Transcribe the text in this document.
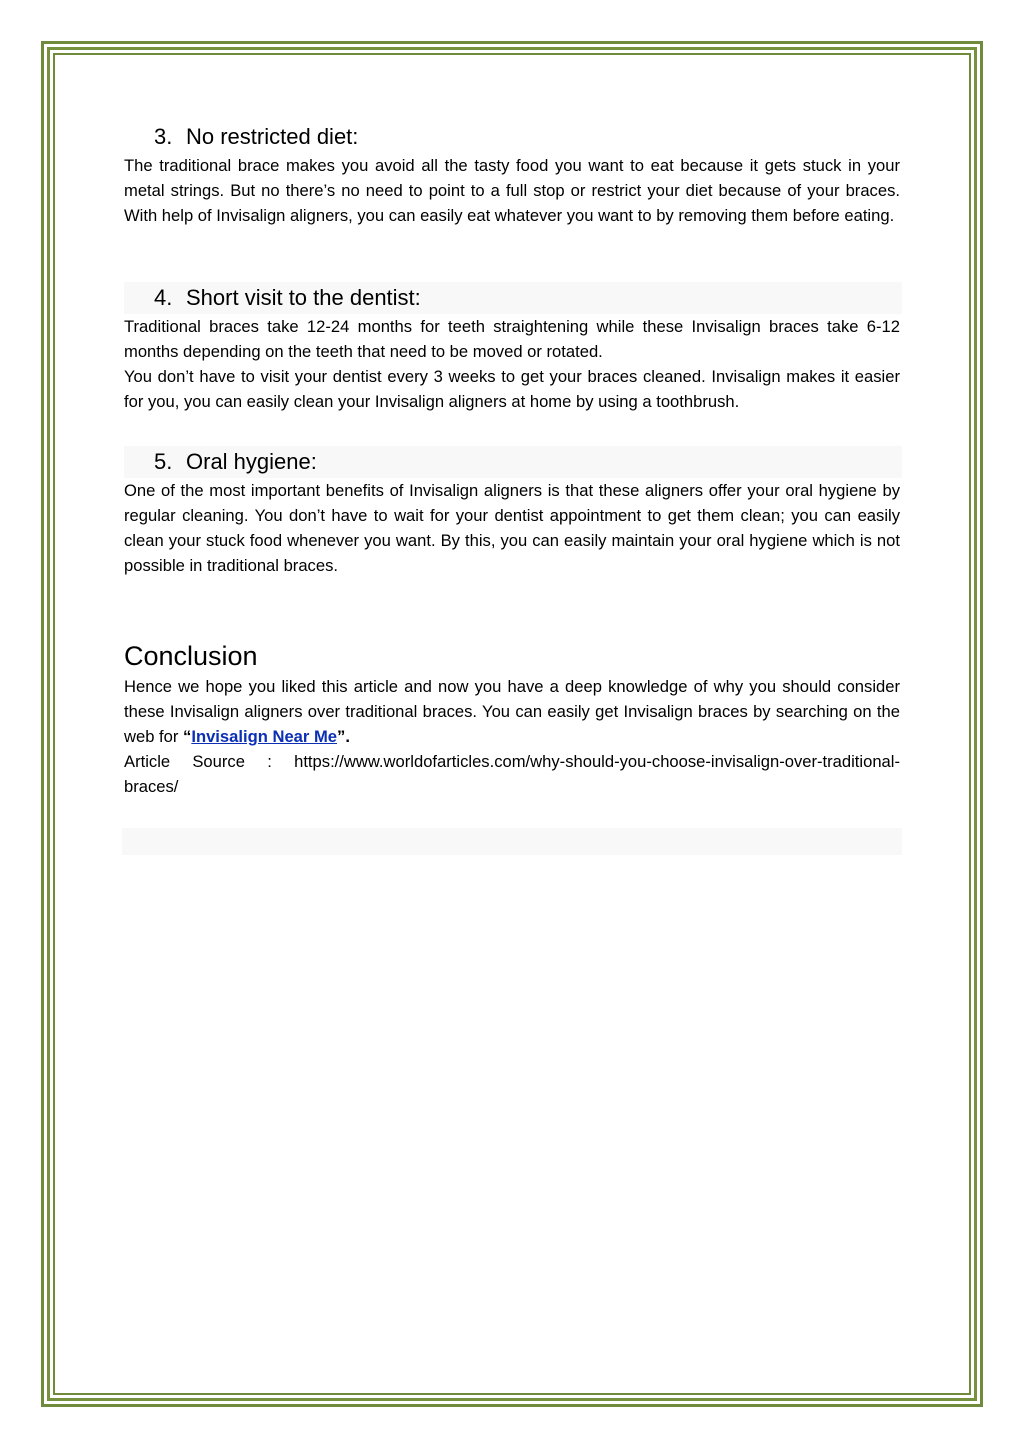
3. No restricted diet:

The traditional brace makes you avoid all the tasty food you want to eat because it gets stuck in your metal strings. But no there’s no need to point to a full stop or restrict your diet because of your braces. With help of Invisalign aligners, you can easily eat whatever you want to by removing them before eating.

4. Short visit to the dentist:

Traditional braces take 12-24 months for teeth straightening while these Invisalign braces take 6-12 months depending on the teeth that need to be moved or rotated.

You don’t have to visit your dentist every 3 weeks to get your braces cleaned. Invisalign makes it easier for you, you can easily clean your Invisalign aligners at home by using a toothbrush.

5. Oral hygiene:

One of the most important benefits of Invisalign aligners is that these aligners offer your oral hygiene by regular cleaning. You don’t have to wait for your dentist appointment to get them clean; you can easily clean your stuck food whenever you want. By this, you can easily maintain your oral hygiene which is not possible in traditional braces.

Conclusion

Hence we hope you liked this article and now you have a deep knowledge of why you should consider these Invisalign aligners over traditional braces. You can easily get Invisalign braces by searching on the web for “Invisalign Near Me”.

Article Source : https://www.worldofarticles.com/why-should-you-choose-invisalign-over-traditional-braces/
